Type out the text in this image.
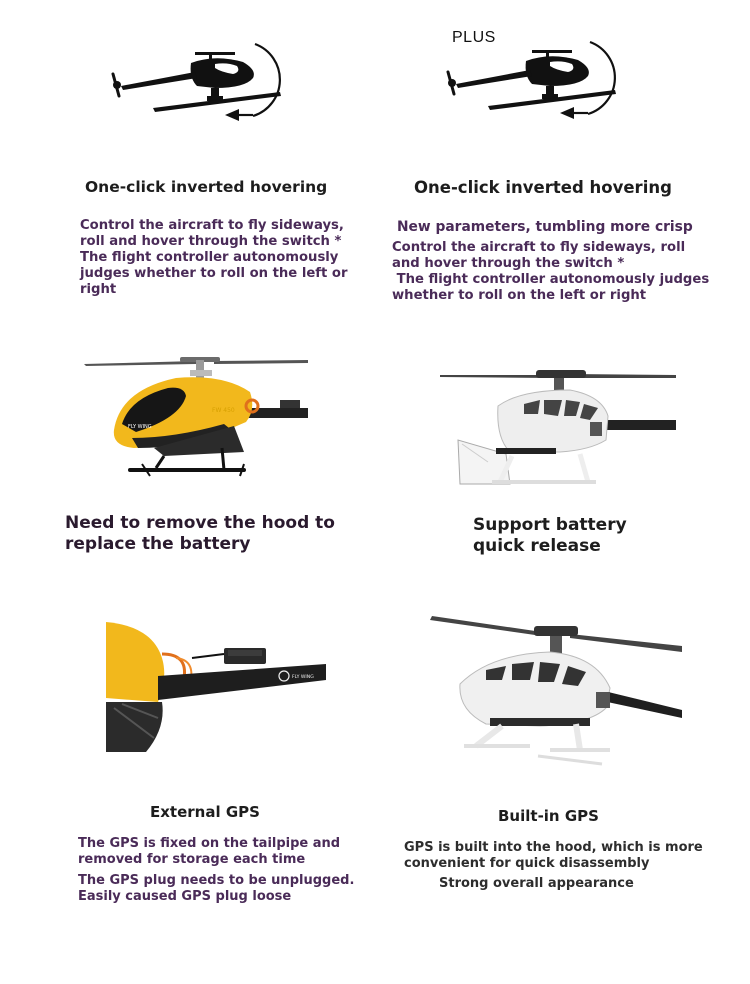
PLUS
One-click inverted hovering
Control the aircraft to fly sideways,
roll and hover through the switch *
The flight controller autonomously
judges whether to roll on the left or
right
One-click inverted hovering
New parameters, tumbling more crisp
Control the aircraft to fly sideways, roll
and hover through the switch *
The flight controller autonomously judges
whether to roll on the left or right
FLY WING
FW 450
Need to remove the hood to
replace the battery
Support battery
quick release
FLY WING
External GPS
The GPS is fixed on the tailpipe and
removed for storage each time
The GPS plug needs to be unplugged.
Easily caused GPS plug loose
Built-in GPS
GPS is built into the hood, which is more
convenient for quick disassembly
Strong overall appearance
